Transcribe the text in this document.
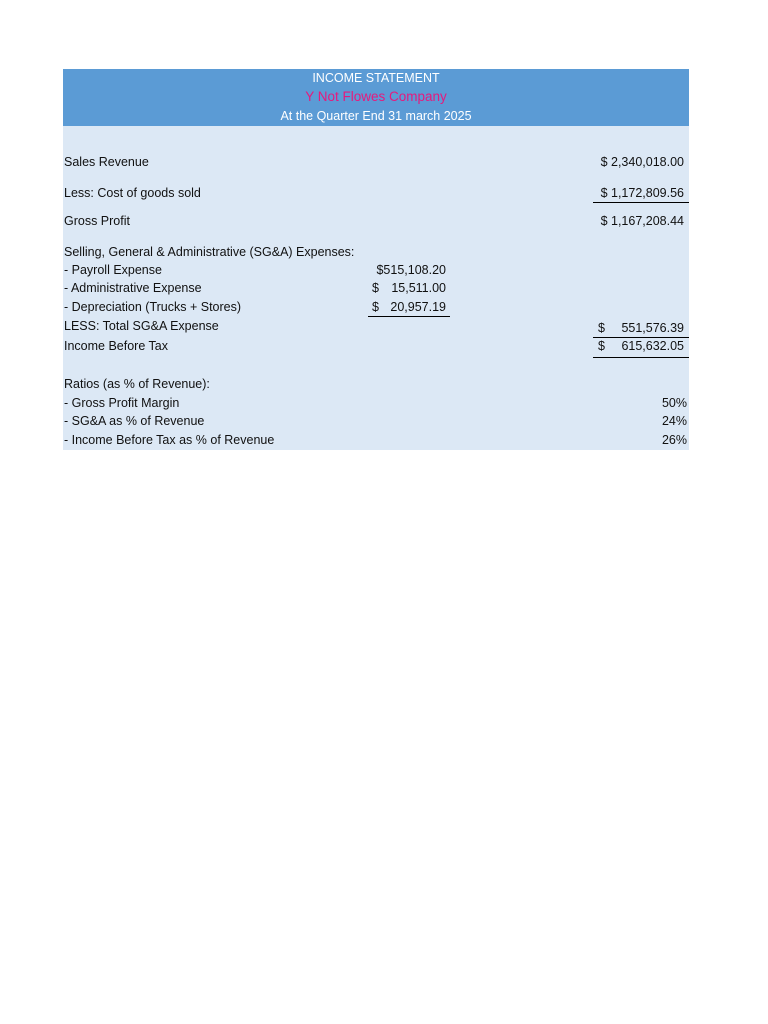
INCOME STATEMENT
Y Not Flowes Company
At the Quarter End 31 march 2025
Sales Revenue	$ 2,340,018.00
Less: Cost of goods sold	$ 1,172,809.56
Gross Profit	$ 1,167,208.44
Selling, General & Administrative (SG&A) Expenses:
- Payroll Expense	$515,108.20
- Administrative Expense	$ 15,511.00
- Depreciation (Trucks + Stores)	$ 20,957.19
LESS: Total SG&A Expense	$ 551,576.39
Income Before Tax	$ 615,632.05
Ratios (as % of Revenue):
- Gross Profit Margin	50%
- SG&A as % of Revenue	24%
- Income Before Tax as % of Revenue	26%
